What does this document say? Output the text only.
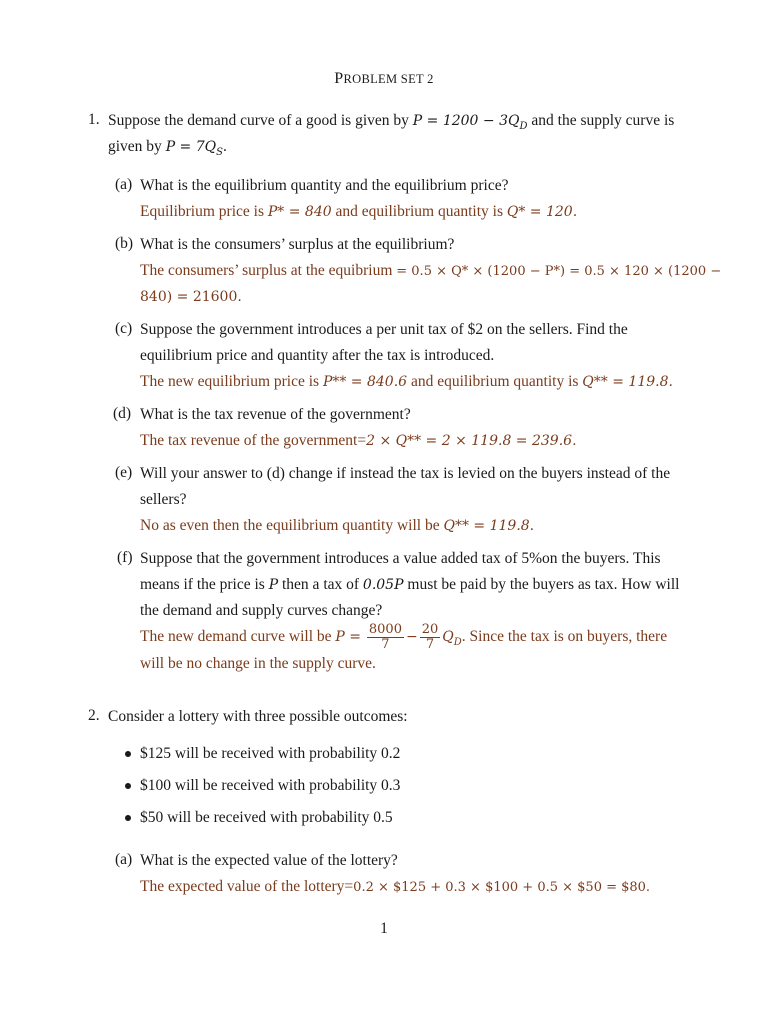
PROBLEM SET 2
1. Suppose the demand curve of a good is given by $P = 1200 - 3Q_D$ and the supply curve is
given by $P = 7Q_S$.
(a) What is the equilibrium quantity and the equilibrium price?
Equilibrium price is P* = 840 and equilibrium quantity is Q* = 120.
(b) What is the consumers’ surplus at the equilibrium?
The consumers’ surplus at the equibrium = 0.5 × Q* × (1200 − P*) = 0.5 × 120 × (1200 −
840) = 21600.
(c) Suppose the government introduces a per unit tax of $2 on the sellers. Find the
equilibrium price and quantity after the tax is introduced.
The new equilibrium price is P** = 840.6 and equilibrium quantity is Q** = 119.8.
(d) What is the tax revenue of the government?
The tax revenue of the government=2 × Q** = 2 × 119.8 = 239.6.
(e) Will your answer to (d) change if instead the tax is levied on the buyers instead of the
sellers?
No as even then the equilibrium quantity will be Q** = 119.8.
(f) Suppose that the government introduces a value added tax of 5%on the buyers. This
means if the price is P then a tax of 0.05P must be paid by the buyers as tax. How will
the demand and supply curves change?
The new demand curve will be $P = \frac{8000}{7} - \frac{20}{7} Q_D$. Since the tax is on buyers, there
will be no change in the supply curve.
2. Consider a lottery with three possible outcomes:
$125 will be received with probability 0.2
$100 will be received with probability 0.3
$50 will be received with probability 0.5
(a) What is the expected value of the lottery?
The expected value of the lottery=0.2 × $125 + 0.3 × $100 + 0.5 × $50 = $80.
1
